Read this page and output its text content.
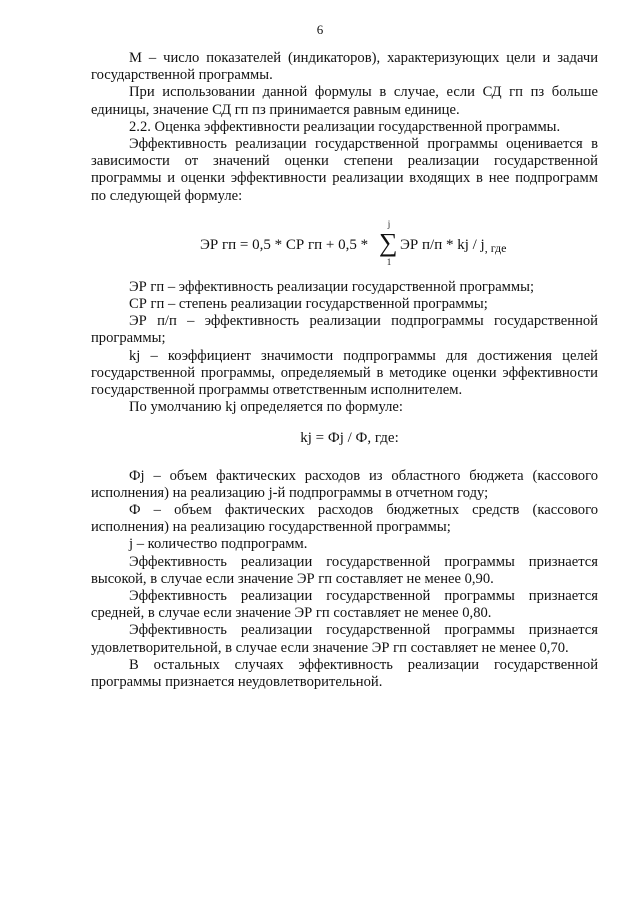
6

М – число показателей (индикаторов), характеризующих цели и задачи государственной программы.

При использовании данной формулы в случае, если СД гп пз больше единицы, значение СД гп пз принимается равным единице.

2.2. Оценка эффективности реализации государственной программы.

Эффективность реализации государственной программы оценивается в зависимости от значений оценки степени реализации государственной программы и оценки эффективности реализации входящих в нее подпрограмм по следующей формуле:

ЭР гп = 0,5 * СР гп + 0,5 *
j
∑
1
ЭР п/п * kj / $j_{, где}$

ЭР гп – эффективность реализации государственной программы;

СР гп – степень реализации государственной программы;

ЭР п/п – эффективность реализации подпрограммы государственной программы;

kj – коэффициент значимости подпрограммы для достижения целей государственной программы, определяемый в методике оценки эффективности государственной программы ответственным исполнителем.

По умолчанию kj определяется по формуле:

kj = Фj / Ф, где:

Фj – объем фактических расходов из областного бюджета (кассового исполнения) на реализацию j-й подпрограммы в отчетном году;

Ф – объем фактических расходов бюджетных средств (кассового исполнения) на реализацию государственной программы;

j – количество подпрограмм.

Эффективность реализации государственной программы признается высокой, в случае если значение ЭР гп составляет не менее 0,90.

Эффективность реализации государственной программы признается средней, в случае если значение ЭР гп составляет не менее 0,80.

Эффективность реализации государственной программы признается удовлетворительной, в случае если значение ЭР гп составляет не менее 0,70.

В остальных случаях эффективность реализации государственной программы признается неудовлетворительной.
